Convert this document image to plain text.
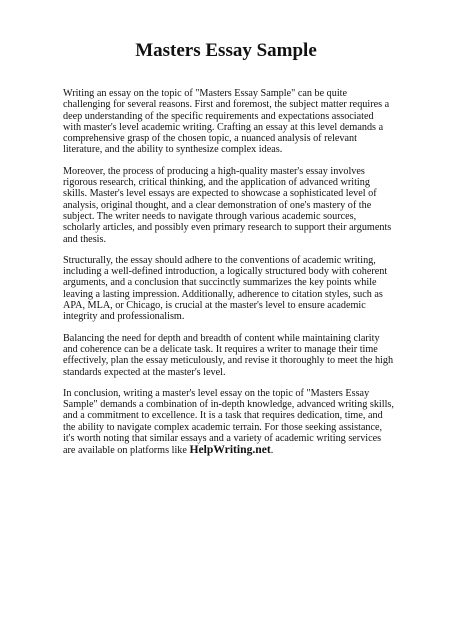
Masters Essay Sample

Writing an essay on the topic of "Masters Essay Sample" can be quite challenging for several reasons. First and foremost, the subject matter requires a deep understanding of the specific requirements and expectations associated with master's level academic writing. Crafting an essay at this level demands a comprehensive grasp of the chosen topic, a nuanced analysis of relevant literature, and the ability to synthesize complex ideas.

Moreover, the process of producing a high-quality master's essay involves rigorous research, critical thinking, and the application of advanced writing skills. Master's level essays are expected to showcase a sophisticated level of analysis, original thought, and a clear demonstration of one's mastery of the subject. The writer needs to navigate through various academic sources, scholarly articles, and possibly even primary research to support their arguments and thesis.

Structurally, the essay should adhere to the conventions of academic writing, including a well-defined introduction, a logically structured body with coherent arguments, and a conclusion that succinctly summarizes the key points while leaving a lasting impression. Additionally, adherence to citation styles, such as APA, MLA, or Chicago, is crucial at the master's level to ensure academic integrity and professionalism.

Balancing the need for depth and breadth of content while maintaining clarity and coherence can be a delicate task. It requires a writer to manage their time effectively, plan the essay meticulously, and revise it thoroughly to meet the high standards expected at the master's level.

In conclusion, writing a master's level essay on the topic of "Masters Essay Sample" demands a combination of in-depth knowledge, advanced writing skills, and a commitment to excellence. It is a task that requires dedication, time, and the ability to navigate complex academic terrain. For those seeking assistance, it's worth noting that similar essays and a variety of academic writing services are available on platforms like HelpWriting.net.
